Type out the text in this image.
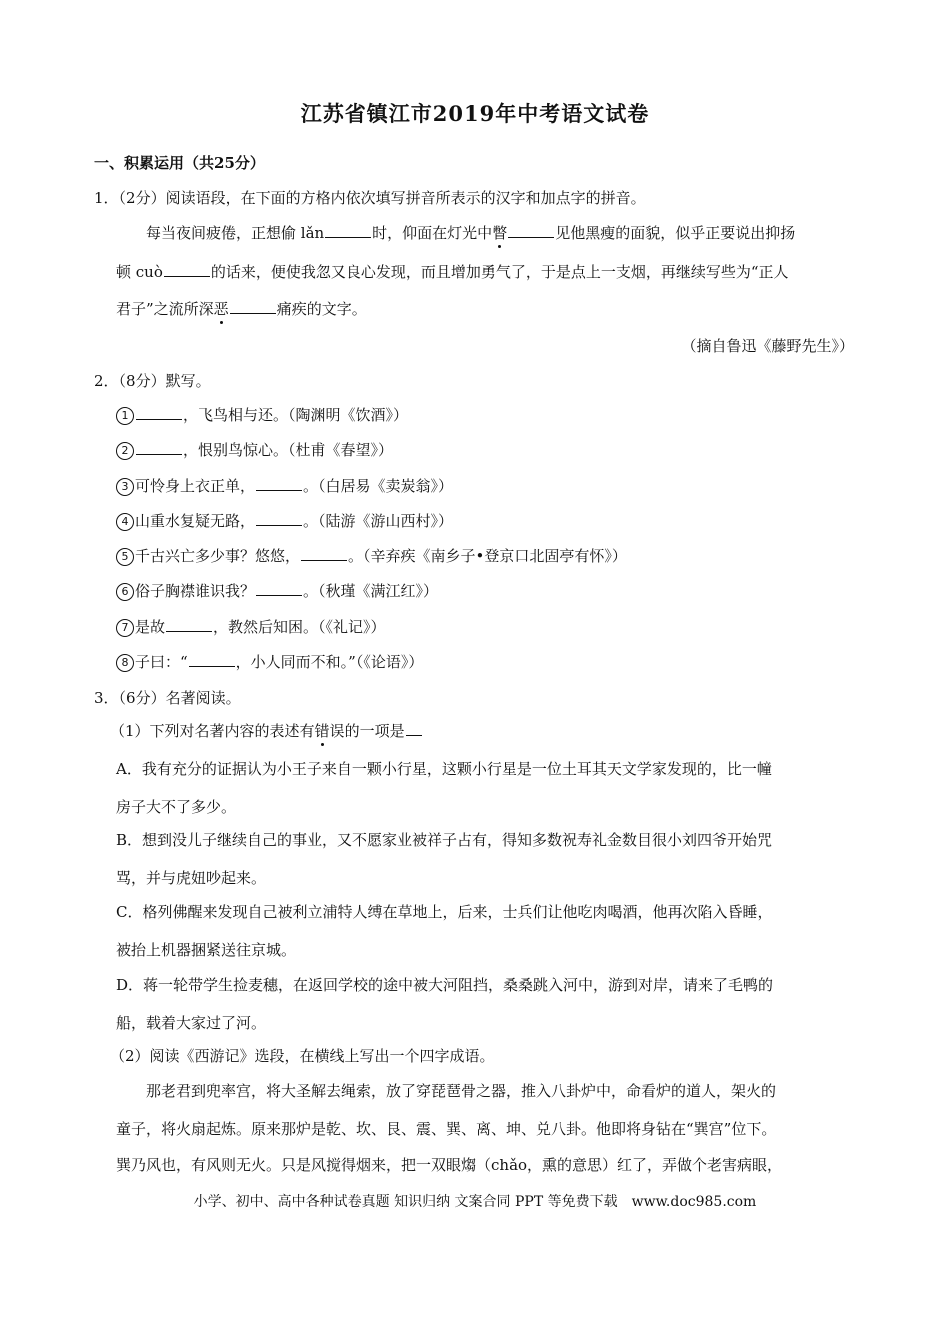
江苏省镇江市2019年中考语文试卷
一、积累运用（共25分）
1．（2分）阅读语段，在下面的方格内依次填写拼音所表示的汉字和加点字的拼音。
每当夜间疲倦，正想偷 lǎn	时，仰面在灯光中瞥	见他黑瘦的面貌，似乎正要说出抑扬
顿 cuò	的话来，便使我忽又良心发现，而且增加勇气了，于是点上一支烟，再继续写些为“正人
君子”之流所深恶	痛疾的文字。
（摘自鲁迅《藤野先生》）
2．（8分）默写。
1	，飞鸟相与还。（陶渊明《饮酒》）
2	，恨别鸟惊心。（杜甫《春望》）
3 可怜身上衣正单，	。（白居易《卖炭翁》）
4 山重水复疑无路，	。（陆游《游山西村》）
5 千古兴亡多少事？悠悠，	。（辛弃疾《南乡子•登京口北固亭有怀》）
6 俗子胸襟谁识我？	。（秋瑾《满江红》）
7 是故	，教然后知困。（《礼记》）
8 子曰：“	，小人同而不和。”（《论语》）
3．（6分）名著阅读。
（1）下列对名著内容的表述有错误的一项是
A．我有充分的证据认为小王子来自一颗小行星，这颗小行星是一位土耳其天文学家发现的，比一幢
房子大不了多少。
B．想到没儿子继续自己的事业，又不愿家业被祥子占有，得知多数祝寿礼金数目很小刘四爷开始咒
骂，并与虎妞吵起来。
C．格列佛醒来发现自己被利立浦特人缚在草地上，后来，士兵们让他吃肉喝酒，他再次陷入昏睡，
被抬上机器捆紧送往京城。
D．蒋一轮带学生捡麦穗，在返回学校的途中被大河阻挡，桑桑跳入河中，游到对岸，请来了毛鸭的
船，载着大家过了河。
（2）阅读《西游记》选段，在横线上写出一个四字成语。
那老君到兜率宫，将大圣解去绳索，放了穿琵琶骨之器，推入八卦炉中，命看炉的道人，架火的
童子，将火扇起炼。原来那炉是乾、坎、艮、震、巽、离、坤、兑八卦。他即将身钻在“巽宫”位下。
巽乃风也，有风则无火。只是风搅得烟来，把一双眼煼（chǎo，熏的意思）红了，弄做个老害病眼，
小学、初中、高中各种试卷真题 知识归纳 文案合同 PPT 等免费下载　www.doc985.com
